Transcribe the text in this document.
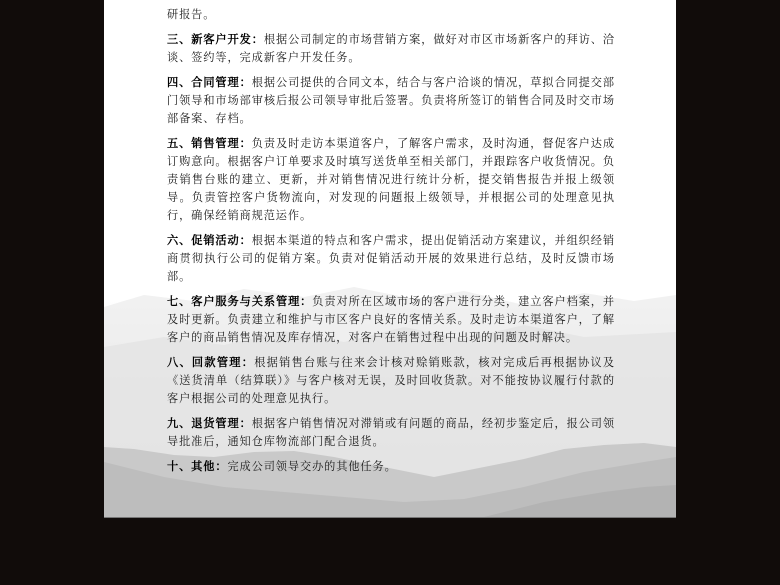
研报告。

三、新客户开发：根据公司制定的市场营销方案，做好对市区市场新客户的拜访、洽谈、签约等，完成新客户开发任务。

四、合同管理：根据公司提供的合同文本，结合与客户洽谈的情况，草拟合同提交部门领导和市场部审核后报公司领导审批后签署。负责将所签订的销售合同及时交市场部备案、存档。

五、销售管理：负责及时走访本渠道客户，了解客户需求，及时沟通，督促客户达成订购意向。根据客户订单要求及时填写送货单至相关部门，并跟踪客户收货情况。负责销售台账的建立、更新，并对销售情况进行统计分析，提交销售报告并报上级领导。负责管控客户货物流向，对发现的问题报上级领导，并根据公司的处理意见执行，确保经销商规范运作。

六、促销活动：根据本渠道的特点和客户需求，提出促销活动方案建议，并组织经销商贯彻执行公司的促销方案。负责对促销活动开展的效果进行总结，及时反馈市场部。

七、客户服务与关系管理：负责对所在区域市场的客户进行分类，建立客户档案，并及时更新。负责建立和维护与市区客户良好的客情关系。及时走访本渠道客户，了解客户的商品销售情况及库存情况，对客户在销售过程中出现的问题及时解决。

八、回款管理：根据销售台账与往来会计核对赊销账款，核对完成后再根据协议及《送货清单（结算联）》与客户核对无误，及时回收货款。对不能按协议履行付款的客户根据公司的处理意见执行。

九、退货管理：根据客户销售情况对滞销或有问题的商品，经初步鉴定后，报公司领导批准后，通知仓库物流部门配合退货。

十、其他：完成公司领导交办的其他任务。
